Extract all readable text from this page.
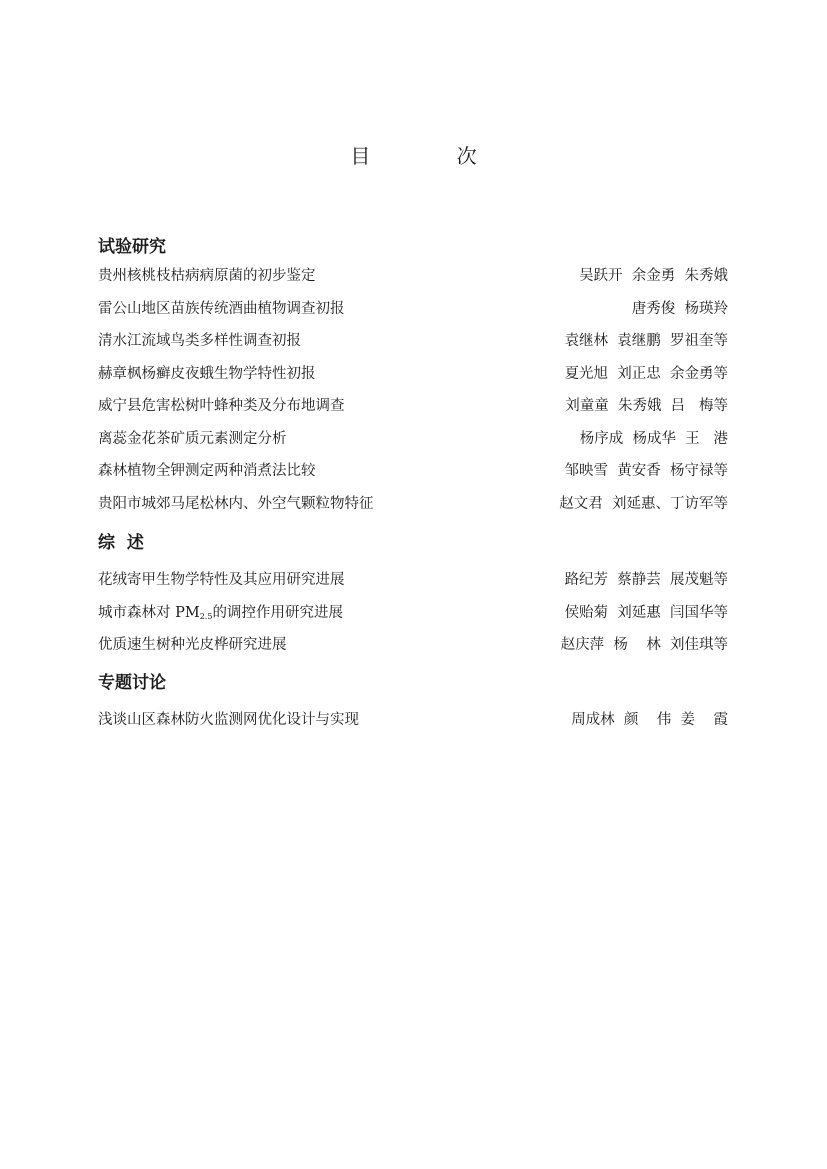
目 次
试验研究
贵州核桃枝枯病病原菌的初步鉴定	吴跃开  余金勇  朱秀娥
雷公山地区苗族传统酒曲植物调查初报	唐秀俊  杨瑛羚
清水江流域鸟类多样性调查初报	袁继林  袁继鹏  罗祖奎等
赫章枫杨癣皮夜蛾生物学特性初报	夏光旭  刘正忠  余金勇等
威宁县危害松树叶蜂种类及分布地调查	刘童童  朱秀娥  吕   梅等
离蕊金花茶矿质元素测定分析	杨序成  杨成华  王   港
森林植物全钾测定两种消煮法比较	邹映雪  黄安香  杨守禄等
贵阳市城郊马尾松林内、外空气颗粒物特征	赵文君  刘延惠、丁访军等
综  述
花绒寄甲生物学特性及其应用研究进展	路纪芳  蔡静芸  展茂魁等
城市森林对 $PM_{2.5}$的调控作用研究进展	侯贻菊  刘延惠  闫国华等
优质速生树种光皮桦研究进展	赵庆萍  杨    林  刘佳琪等
专题讨论
浅谈山区森林防火监测网优化设计与实现	周成林  颜    伟  姜    霞
